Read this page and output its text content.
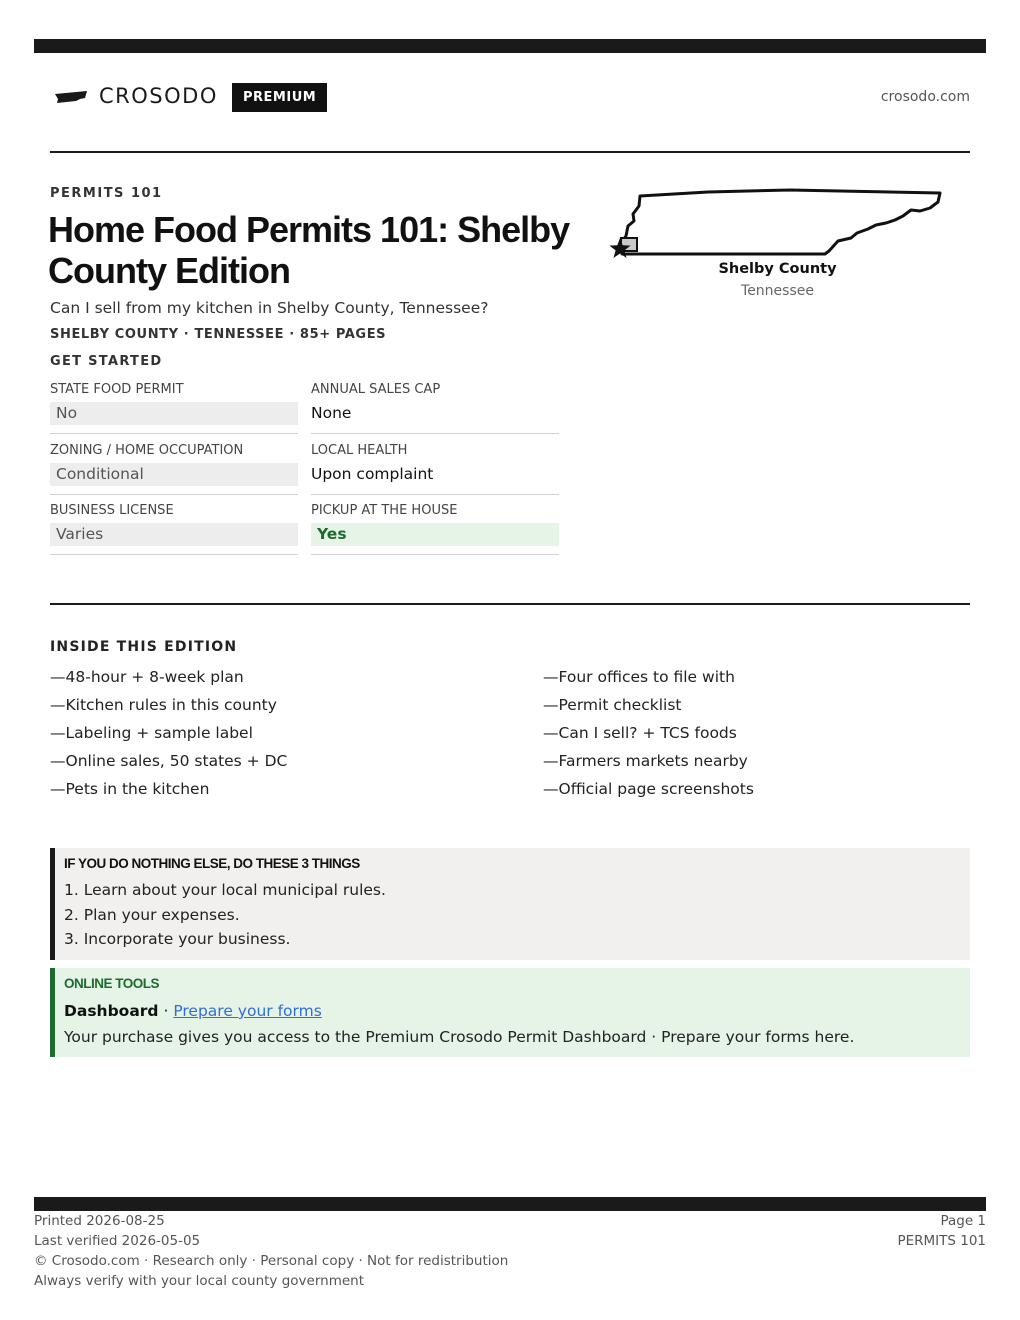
CROSODO	PREMIUM	crosodo.com
PERMITS 101
Home Food Permits 101: Shelby County Edition
Can I sell from my kitchen in Shelby County, Tennessee?
SHELBY COUNTY · TENNESSEE · 85+ PAGES
GET STARTED
STATE FOOD PERMIT
No
ANNUAL SALES CAP
None
ZONING / HOME OCCUPATION
Conditional
LOCAL HEALTH
Upon complaint
BUSINESS LICENSE
Varies
PICKUP AT THE HOUSE
Yes
Shelby County
Tennessee
INSIDE THIS EDITION
—48-hour + 8-week plan
—Kitchen rules in this county
—Labeling + sample label
—Online sales, 50 states + DC
—Pets in the kitchen
—Four offices to file with
—Permit checklist
—Can I sell? + TCS foods
—Farmers markets nearby
—Official page screenshots
IF YOU DO NOTHING ELSE, DO THESE 3 THINGS
1. Learn about your local municipal rules.
2. Plan your expenses.
3. Incorporate your business.
ONLINE TOOLS
Dashboard · Prepare your forms
Your purchase gives you access to the Premium Crosodo Permit Dashboard · Prepare your forms here.
Printed 2026-08-25
Last verified 2026-05-05
© Crosodo.com · Research only · Personal copy · Not for redistribution
Always verify with your local county government
Page 1
PERMITS 101
